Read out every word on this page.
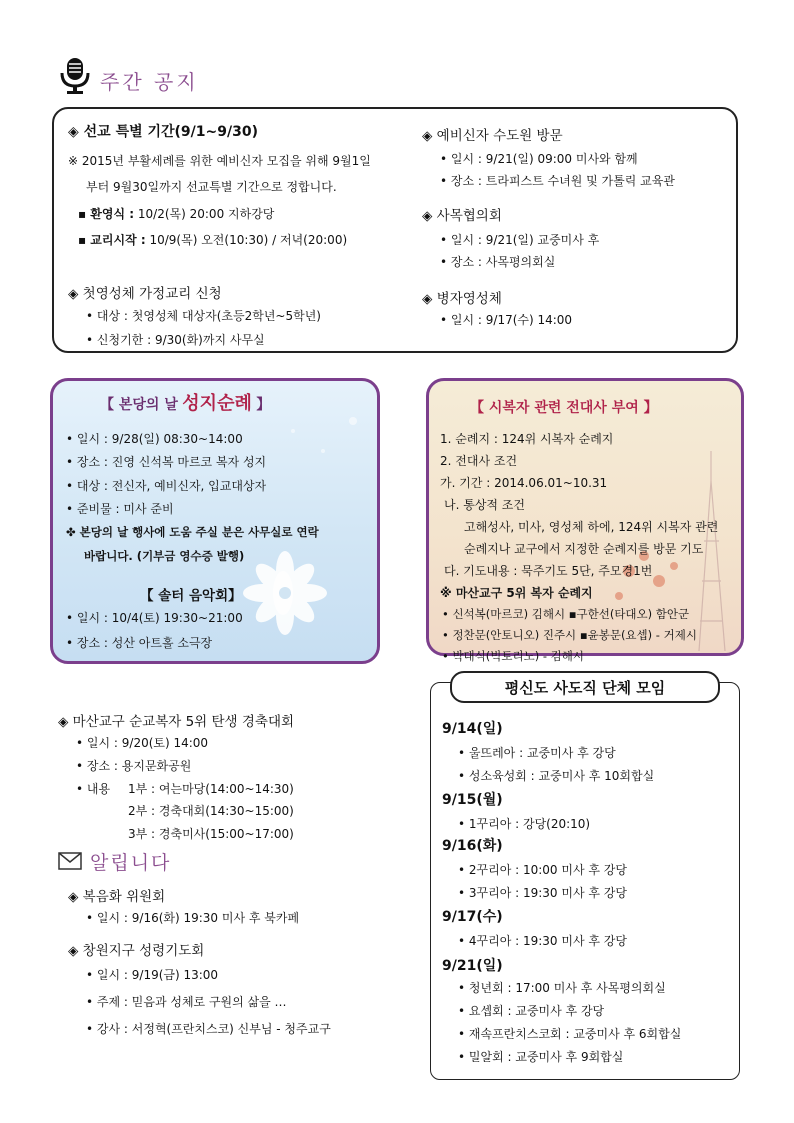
주간 공지
◈ 선교 특별 기간(9/1~9/30)
※ 2015년 부활세례를 위한 예비신자 모집을 위해 9월1일
부터 9월30일까지 선교특별 기간으로 정합니다.
▪ 환영식 : 10/2(목) 20:00 지하강당
▪ 교리시작 : 10/9(목) 오전(10:30) / 저녁(20:00)
◈ 첫영성체 가정교리 신청
• 대상 : 첫영성체 대상자(초등2학년~5학년)
• 신청기한 : 9/30(화)까지 사무실
◈ 예비신자 수도원 방문
• 일시 : 9/21(일) 09:00 미사와 함께
• 장소 : 트라피스트 수녀원 및 가톨릭 교육관
◈ 사목협의회
• 일시 : 9/21(일) 교중미사 후
• 장소 : 사목평의회실
◈ 병자영성체
• 일시 : 9/17(수) 14:00
【 본당의 날 성지순례 】
• 일시 : 9/28(일) 08:30~14:00
• 장소 : 진영 신석복 마르코 복자 성지
• 대상 : 전신자, 예비신자, 입교대상자
• 준비물 : 미사 준비
✤ 본당의 날 행사에 도움 주실 분은 사무실로 연락
바랍니다. (기부금 영수증 발행)
【 솔터 음악회】
• 일시 : 10/4(토) 19:30~21:00
• 장소 : 성산 아트홀 소극장
【 시복자 관련 전대사 부여 】
1. 순례지 : 124위 시복자 순례지
2. 전대사 조건
가. 기간 : 2014.06.01~10.31
나. 통상적 조건
고해성사, 미사, 영성체 하에, 124위 시복자 관련
순례지나 교구에서 지정한 순례지를 방문 기도
다. 기도내용 : 묵주기도 5단, 주모경1번
※ 마산교구 5위 복자 순례지
• 신석복(마르코) 김해시 ▪구한선(타대오) 함안군
• 정찬문(안토니오) 진주시 ▪윤봉문(요셉) - 거제시
• 박대식(빅토리노) - 김해시
◈ 마산교구 순교복자 5위 탄생 경축대회
• 일시 : 9/20(토) 14:00
• 장소 : 용지문화공원
• 내용 1부 : 여는마당(14:00~14:30)
2부 : 경축대회(14:30~15:00)
3부 : 경축미사(15:00~17:00)
알립니다
◈ 복음화 위원회
• 일시 : 9/16(화) 19:30 미사 후 북카페
◈ 창원지구 성령기도회
• 일시 : 9/19(금) 13:00
• 주제 : 믿음과 성체로 구원의 삶을 …
• 강사 : 서정혁(프란치스코) 신부님 - 청주교구
평신도 사도직 단체 모임
9/14(일)
• 울뜨레아 : 교중미사 후 강당
• 성소육성회 : 교중미사 후 10회합실
9/15(월)
• 1꾸리아 : 강당(20:10)
9/16(화)
• 2꾸리아 : 10:00 미사 후 강당
• 3꾸리아 : 19:30 미사 후 강당
9/17(수)
• 4꾸리아 : 19:30 미사 후 강당
9/21(일)
• 청년회 : 17:00 미사 후 사목평의회실
• 요셉회 : 교중미사 후 강당
• 재속프란치스코회 : 교중미사 후 6회합실
• 밀알회 : 교중미사 후 9회합실
